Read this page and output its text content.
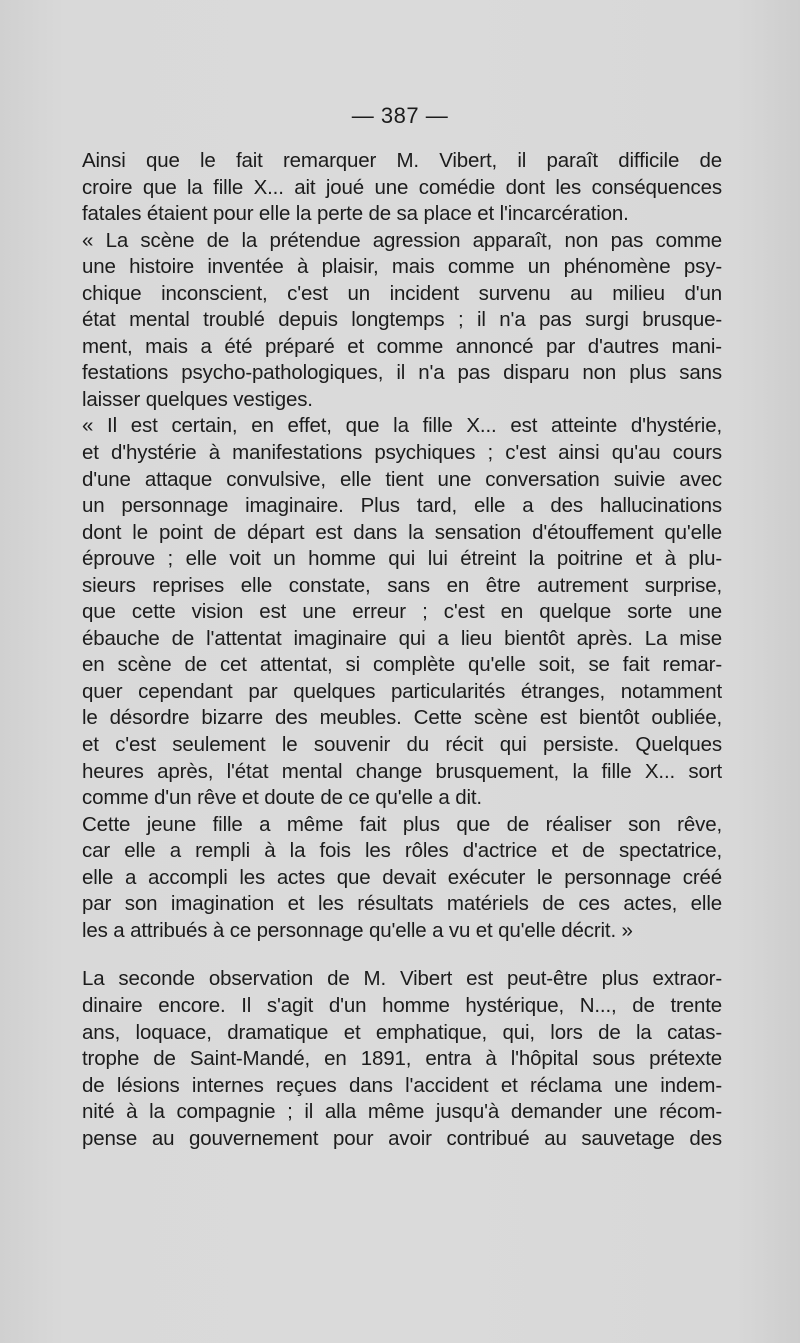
— 387 —
Ainsi que le fait remarquer M. Vibert, il paraît difficile de
croire que la fille X... ait joué une comédie dont les conséquences
fatales étaient pour elle la perte de sa place et l'incarcération.
« La scène de la prétendue agression apparaît, non pas comme
une histoire inventée à plaisir, mais comme un phénomène psy-
chique inconscient, c'est un incident survenu au milieu d'un
état mental troublé depuis longtemps ; il n'a pas surgi brusque-
ment, mais a été préparé et comme annoncé par d'autres mani-
festations psycho-pathologiques, il n'a pas disparu non plus sans
laisser quelques vestiges.
« Il est certain, en effet, que la fille X... est atteinte d'hystérie,
et d'hystérie à manifestations psychiques ; c'est ainsi qu'au cours
d'une attaque convulsive, elle tient une conversation suivie avec
un personnage imaginaire. Plus tard, elle a des hallucinations
dont le point de départ est dans la sensation d'étouffement qu'elle
éprouve ; elle voit un homme qui lui étreint la poitrine et à plu-
sieurs reprises elle constate, sans en être autrement surprise,
que cette vision est une erreur ; c'est en quelque sorte une
ébauche de l'attentat imaginaire qui a lieu bientôt après. La mise
en scène de cet attentat, si complète qu'elle soit, se fait remar-
quer cependant par quelques particularités étranges, notamment
le désordre bizarre des meubles. Cette scène est bientôt oubliée,
et c'est seulement le souvenir du récit qui persiste. Quelques
heures après, l'état mental change brusquement, la fille X... sort
comme d'un rêve et doute de ce qu'elle a dit.
Cette jeune fille a même fait plus que de réaliser son rêve,
car elle a rempli à la fois les rôles d'actrice et de spectatrice,
elle a accompli les actes que devait exécuter le personnage créé
par son imagination et les résultats matériels de ces actes, elle
les a attribués à ce personnage qu'elle a vu et qu'elle décrit. »
La seconde observation de M. Vibert est peut-être plus extraor-
dinaire encore. Il s'agit d'un homme hystérique, N..., de trente
ans, loquace, dramatique et emphatique, qui, lors de la catas-
trophe de Saint-Mandé, en 1891, entra à l'hôpital sous prétexte
de lésions internes reçues dans l'accident et réclama une indem-
nité à la compagnie ; il alla même jusqu'à demander une récom-
pense au gouvernement pour avoir contribué au sauvetage des
